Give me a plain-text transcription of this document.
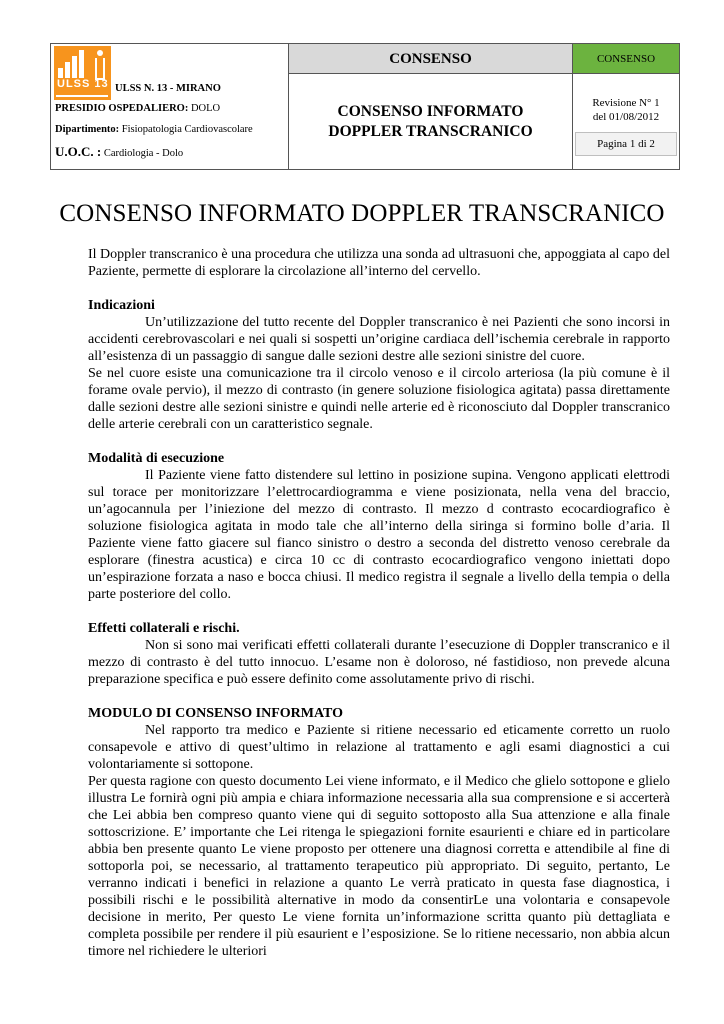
ULSS 13 ULSS N. 13 - MIRANO
PRESIDIO OSPEDALIERO: DOLO
Dipartimento: Fisiopatologia Cardiovascolare
U.O.C. : Cardiologia - Dolo
CONSENSO
CONSENSO INFORMATO
DOPPLER TRANSCRANICO
CONSENSO
Revisione N° 1
del 01/08/2012
Pagina 1 di 2
CONSENSO INFORMATO DOPPLER TRANSCRANICO

Il Doppler transcranico è una procedura che utilizza una sonda ad ultrasuoni che, appoggiata al capo del Paziente, permette di esplorare la circolazione all’interno del cervello.

Indicazioni

Un’utilizzazione del tutto recente del Doppler transcranico è nei Pazienti che sono incorsi in accidenti cerebrovascolari e nei quali si sospetti un’origine cardiaca dell’ischemia cerebrale in rapporto all’esistenza di un passaggio di sangue dalle sezioni destre alle sezioni sinistre del cuore.

Se nel cuore esiste una comunicazione tra il circolo venoso e il circolo arteriosa (la più comune è il forame ovale pervio), il mezzo di contrasto (in genere soluzione fisiologica agitata) passa direttamente dalle sezioni destre alle sezioni sinistre e quindi nelle arterie ed è riconosciuto dal Doppler transcranico delle arterie cerebrali con un caratteristico segnale.

Modalità di esecuzione

Il Paziente viene fatto distendere sul lettino in posizione supina. Vengono applicati elettrodi sul torace per monitorizzare l’elettrocardiogramma e viene posizionata, nella vena del braccio, un’agocannula per l’iniezione del mezzo di contrasto. Il mezzo d contrasto ecocardiografico è soluzione fisiologica agitata in modo tale che all’interno della siringa si formino bolle d’aria. Il Paziente viene fatto giacere sul fianco sinistro o destro a seconda del distretto venoso cerebrale da esplorare (finestra acustica) e circa 10 cc di contrasto ecocardiografico vengono iniettati dopo un’espirazione forzata a naso e bocca chiusi. Il medico registra il segnale a livello della tempia o della parte posteriore del collo.

Effetti collaterali e rischi.

Non si sono mai verificati effetti collaterali durante l’esecuzione di Doppler transcranico e il mezzo di contrasto è del tutto innocuo. L’esame non è doloroso, né fastidioso, non prevede alcuna preparazione specifica e può essere definito come assolutamente privo di rischi.

MODULO DI CONSENSO INFORMATO

Nel rapporto tra medico e Paziente si ritiene necessario ed eticamente corretto un ruolo consapevole e attivo di quest’ultimo in relazione al trattamento e agli esami diagnostici a cui volontariamente si sottopone.

Per questa ragione con questo documento Lei viene informato, e il Medico che glielo sottopone e glielo illustra Le fornirà ogni più ampia e chiara informazione necessaria alla sua comprensione e si accerterà che Lei abbia ben compreso quanto viene qui di seguito sottoposto alla Sua attenzione e alla finale sottoscrizione. E’ importante che Lei ritenga le spiegazioni fornite esaurienti e chiare ed in particolare abbia ben presente quanto Le viene proposto per ottenere una diagnosi corretta e attendibile al fine di sottoporla poi, se necessario, al trattamento terapeutico più appropriato. Di seguito, pertanto, Le verranno indicati i benefici in relazione a quanto Le verrà praticato in questa fase diagnostica, i possibili rischi e le possibilità alternative in modo da consentirLe una volontaria e consapevole decisione in merito, Per questo Le viene fornita un’informazione scritta quanto più dettagliata e completa possibile per rendere il più esaurient e l’esposizione. Se lo ritiene necessario, non abbia alcun timore nel richiedere le ulteriori
